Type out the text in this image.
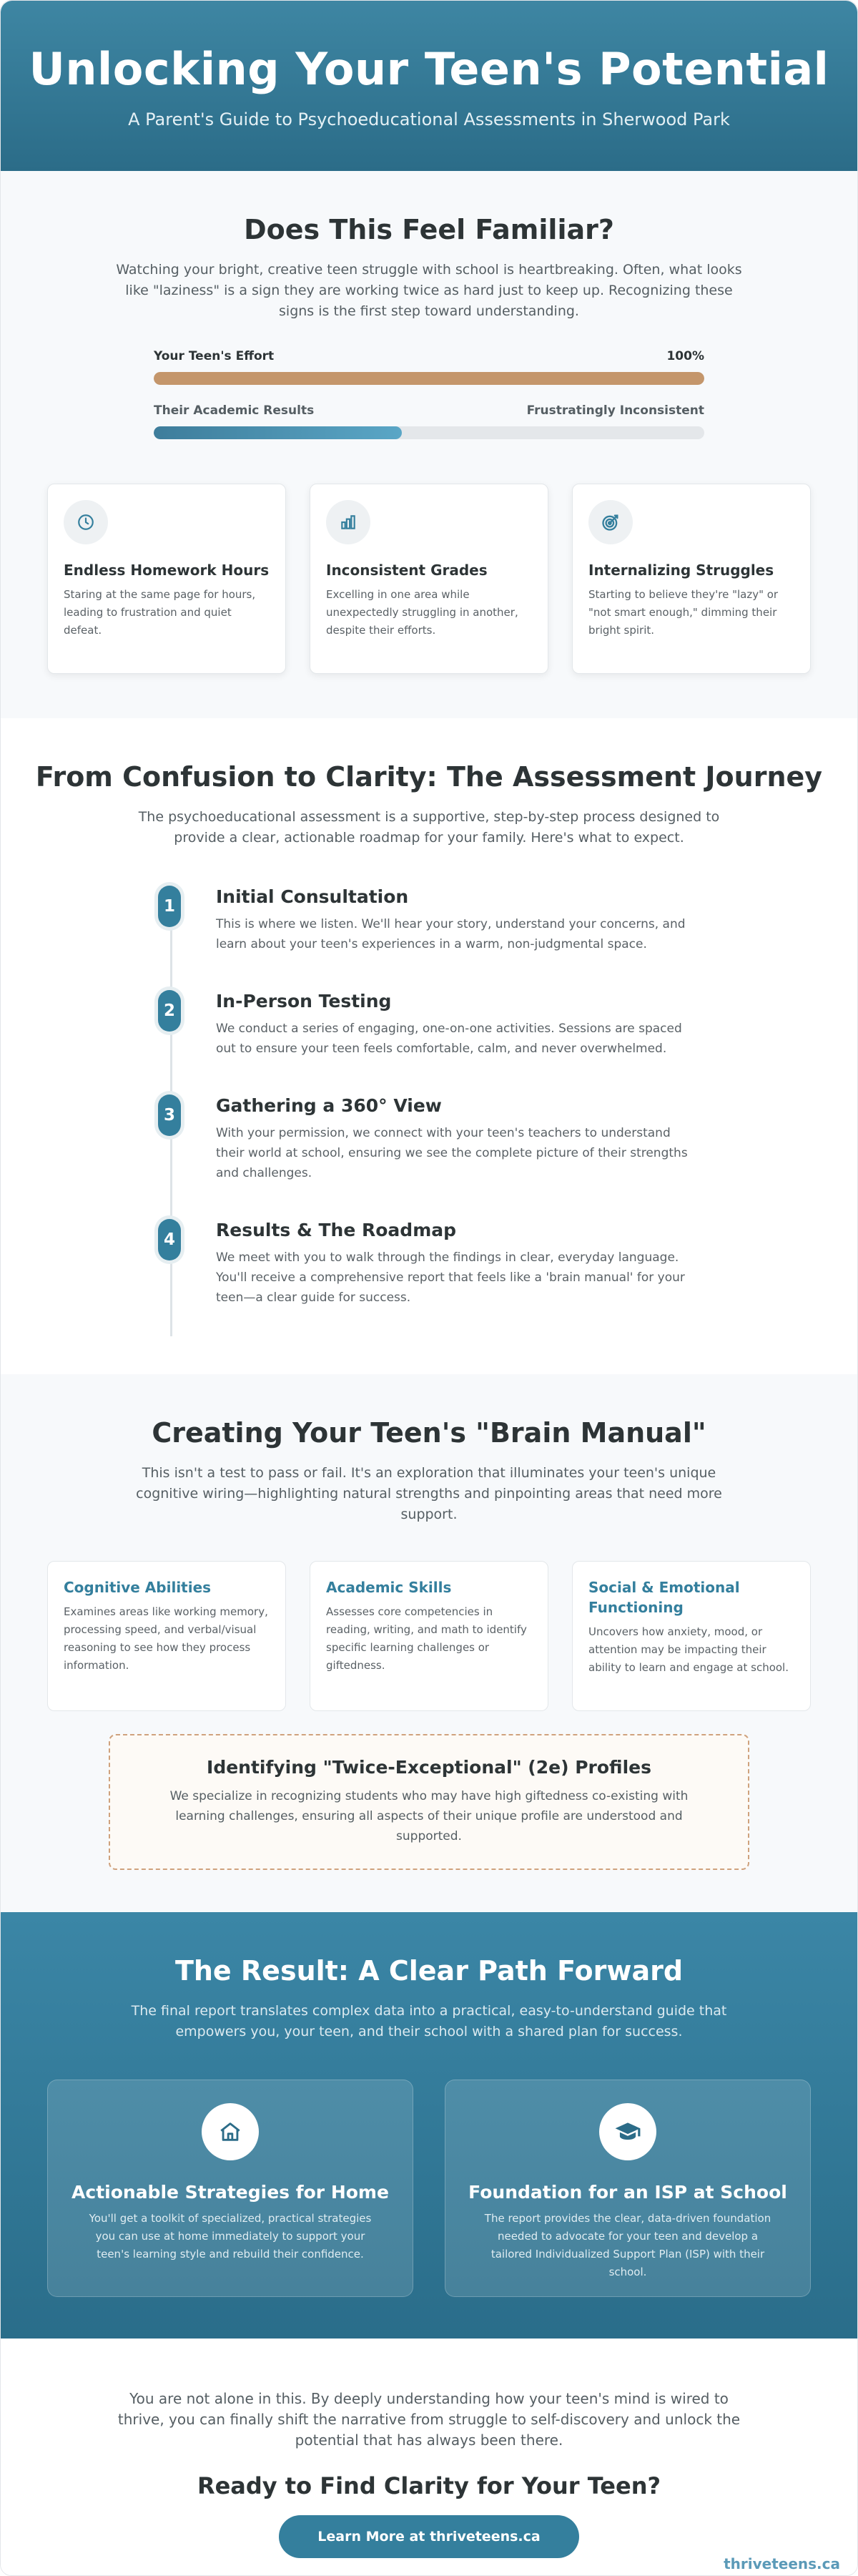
Unlocking Your Teen's Potential

A Parent's Guide to Psychoeducational Assessments in Sherwood Park

Does This Feel Familiar?

Watching your bright, creative teen struggle with school is heartbreaking. Often, what looks like "laziness" is a sign they are working twice as hard just to keep up. Recognizing these signs is the first step toward understanding.

Your Teen's Effort	100%
Their Academic Results	Frustratingly Inconsistent
Endless Homework Hours

Staring at the same page for hours, leading to frustration and quiet defeat.

Inconsistent Grades

Excelling in one area while unexpectedly struggling in another, despite their efforts.

Internalizing Struggles

Starting to believe they're "lazy" or "not smart enough," dimming their bright spirit.

From Confusion to Clarity: The Assessment Journey

The psychoeducational assessment is a supportive, step-by-step process designed to provide a clear, actionable roadmap for your family. Here's what to expect.

1	Initial Consultation

This is where we listen. We'll hear your story, understand your concerns, and learn about your teen's experiences in a warm, non-judgmental space.

2	In-Person Testing

We conduct a series of engaging, one-on-one activities. Sessions are spaced out to ensure your teen feels comfortable, calm, and never overwhelmed.

3	Gathering a 360° View

With your permission, we connect with your teen's teachers to understand their world at school, ensuring we see the complete picture of their strengths and challenges.

4	Results & The Roadmap

We meet with you to walk through the findings in clear, everyday language. You'll receive a comprehensive report that feels like a 'brain manual' for your teen—a clear guide for success.

Creating Your Teen's "Brain Manual"

This isn't a test to pass or fail. It's an exploration that illuminates your teen's unique cognitive wiring—highlighting natural strengths and pinpointing areas that need more support.

Cognitive Abilities

Examines areas like working memory, processing speed, and verbal/visual reasoning to see how they process information.

Academic Skills

Assesses core competencies in reading, writing, and math to identify specific learning challenges or giftedness.

Social & Emotional Functioning

Uncovers how anxiety, mood, or attention may be impacting their ability to learn and engage at school.

Identifying "Twice-Exceptional" (2e) Profiles

We specialize in recognizing students who may have high giftedness co-existing with learning challenges, ensuring all aspects of their unique profile are understood and supported.

The Result: A Clear Path Forward

The final report translates complex data into a practical, easy-to-understand guide that empowers you, your teen, and their school with a shared plan for success.

Actionable Strategies for Home

You'll get a toolkit of specialized, practical strategies you can use at home immediately to support your teen's learning style and rebuild their confidence.

Foundation for an ISP at School

The report provides the clear, data-driven foundation needed to advocate for your teen and develop a tailored Individualized Support Plan (ISP) with their school.

You are not alone in this. By deeply understanding how your teen's mind is wired to thrive, you can finally shift the narrative from struggle to self-discovery and unlock the potential that has always been there.

Ready to Find Clarity for Your Teen?
Learn More at thriveteens.ca
thriveteens.ca
